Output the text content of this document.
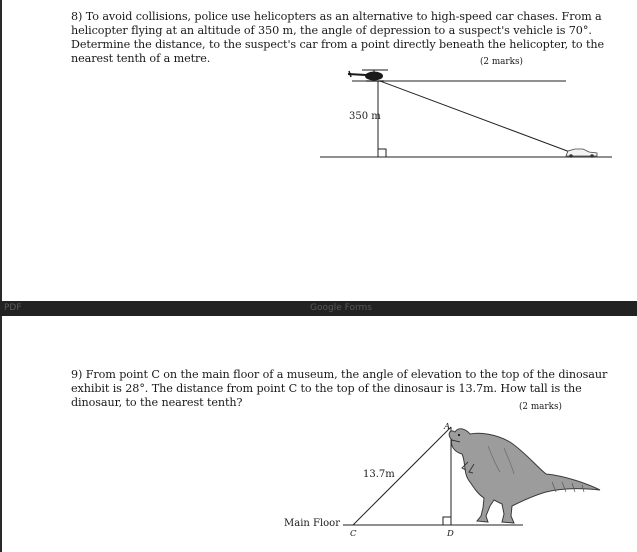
8) To avoid collisions, police use helicopters as an alternative to high-speed car chases. From a
helicopter flying at an altitude of 350 m, the angle of depression to a suspect's vehicle is 70°.
Determine the distance, to the suspect's car from a point directly beneath the helicopter, to the
nearest tenth of a metre.	(2 marks)
350 m
PDF	Google Forms

9) From point C on the main floor of a museum, the angle of elevation to the top of the dinosaur
exhibit is 28°. The distance from point C to the top of the dinosaur is 13.7m. How tall is the
dinosaur, to the nearest tenth?	(2 marks)
Main Floor
13.7m
A
C	D
